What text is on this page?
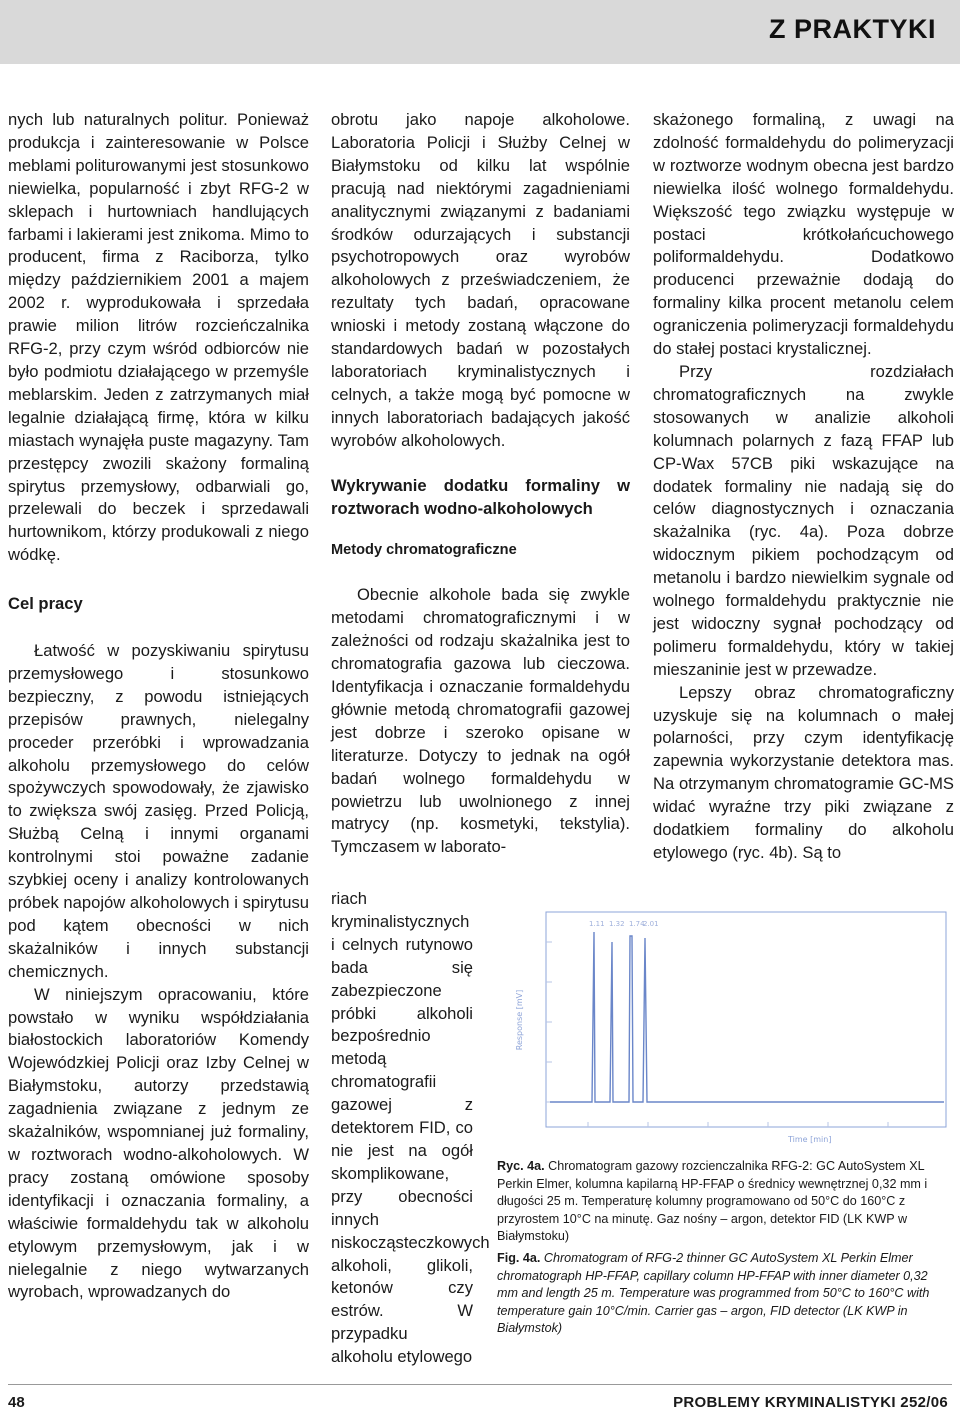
Z PRAKTYKI

nych lub naturalnych politur. Ponieważ produkcja i zainteresowanie w Polsce meblami politurowanymi jest stosunkowo niewielka, popularność i zbyt RFG-2 w sklepach i hurtowniach handlujących farbami i lakierami jest znikoma. Mimo to producent, firma z Raciborza, tylko między październikiem 2001 a majem 2002 r. wyprodukowała i sprzedała prawie milion litrów rozcieńczalnika RFG-2, przy czym wśród odbiorców nie było podmiotu działającego w przemyśle meblarskim. Jeden z zatrzymanych miał legalnie działającą firmę, która w kilku miastach wynajęła puste magazyny. Tam przestępcy zwozili skażony formaliną spirytus przemysłowy, odbarwiali go, przelewali do beczek i sprzedawali hurtownikom, którzy produkowali z niego wódkę.

Cel pracy

Łatwość w pozyskiwaniu spirytusu przemysłowego i stosunkowo bezpieczny, z powodu istniejących przepisów prawnych, nielegalny proceder przeróbki i wprowadzania alkoholu przemysłowego do celów spożywczych spowodowały, że zjawisko to zwiększa swój zasięg. Przed Policją, Służbą Celną i innymi organami kontrolnymi stoi poważne zadanie szybkiej oceny i analizy kontrolowanych próbek napojów alkoholowych i spirytusu pod kątem obecności w nich skażalników i innych substancji chemicznych.

W niniejszym opracowaniu, które powstało w wyniku współdziałania białostockich laboratoriów Komendy Wojewódzkiej Policji oraz Izby Celnej w Białymstoku, autorzy przedstawią zagadnienia związane z jednym ze skażalników, wspomnianej już formaliny, w roztworach wodno-alkoholowych. W pracy zostaną omówione sposoby identyfikacji i oznaczania formaliny, a właściwie formaldehydu tak w alkoholu etylowym przemysłowym, jak i w nielegalnie z niego wytwarzanych wyrobach, wprowadzanych do

obrotu jako napoje alkoholowe. Laboratoria Policji i Służby Celnej w Białymstoku od kilku lat wspólnie pracują nad niektórymi zagadnieniami analitycznymi związanymi z badaniami środków odurzających i substancji psychotropowych oraz wyrobów alkoholowych z przeświadczeniem, że rezultaty tych badań, opracowane wnioski i metody zostaną włączone do standardowych badań w pozostałych laboratoriach kryminalistycznych i celnych, a także mogą być pomocne w innych laboratoriach badających jakość wyrobów alkoholowych.

Wykrywanie dodatku formaliny w roztworach wodno-alkoholowych
Metody chromatograficzne

Obecnie alkohole bada się zwykle metodami chromatograficznymi i w zależności od rodzaju skażalnika jest to chromatografia gazowa lub cieczowa. Identyfikacja i oznaczanie formaldehydu głównie metodą chromatografii gazowej jest dobrze i szeroko opisane w literaturze. Dotyczy to jednak na ogół badań wolnego formaldehydu w powietrzu lub uwolnionego z innej matrycy (np. kosmetyki, tekstylia). Tymczasem w laborato-

riach kryminalistycznych i celnych rutynowo bada się zabezpieczone próbki alkoholi bezpośrednio metodą chromatografii gazowej z detektorem FID, co nie jest na ogół skomplikowane, przy obecności innych niskocząsteczkowych alkoholi, glikoli, ketonów czy estrów. W przypadku alkoholu etylowego

skażonego formaliną, z uwagi na zdolność formaldehydu do polimeryzacji w roztworze wodnym obecna jest bardzo niewielka ilość wolnego formaldehydu. Większość tego związku występuje w postaci krótkołańcuchowego poliformaldehydu. Dodatkowo producenci przeważnie dodają do formaliny kilka procent metanolu celem ograniczenia polimeryzacji formaldehydu do stałej postaci krystalicznej.

Przy rozdziałach chromatograficznych na zwykle stosowanych w analizie alkoholi kolumnach polarnych z fazą FFAP lub CP-Wax 57CB piki wskazujące na dodatek formaliny nie nadają się do celów diagnostycznych i oznaczania skażalnika (ryc. 4a). Poza dobrze widocznym pikiem pochodzącym od metanolu i bardzo niewielkim sygnale od wolnego formaldehydu praktycznie nie jest widoczny sygnał pochodzący od polimeru formaldehydu, który w takiej mieszaninie jest w przewadze.

Lepszy obraz chromatograficzny uzyskuje się na kolumnach o małej polarności, przy czym identyfikację zapewnia wykorzystanie detektora mas. Na otrzymanym chromatogramie GC-MS widać wyraźne trzy piki związane z dodatkiem formaliny do alkoholu etylowego (ryc. 4b). Są to

1.11 1.32 1.74
2.01
Response [mV]
Time [min]

Ryc. 4a. Chromatogram gazowy rozcienczalnika RFG-2: GC AutoSystem XL Perkin Elmer, kolumna kapilarną HP-FFAP o średnicy wewnętrznej 0,32 mm i długości 25 m. Temperaturę kolumny programowano od 50°C do 160°C z przyrostem 10°C na minutę. Gaz nośny – argon, detektor FID (LK KWP w Białymstoku)

Fig. 4a. Chromatogram of RFG-2 thinner GC AutoSystem XL Perkin Elmer chromatograph HP-FFAP, capillary column HP-FFAP with inner diameter 0,32 mm and length 25 m. Temperature was programmed from 50°C to 160°C with temperature gain 10°C/min. Carrier gas – argon, FID detector (LK KWP in Białymstok)

48	PROBLEMY KRYMINALISTYKI 252/06
